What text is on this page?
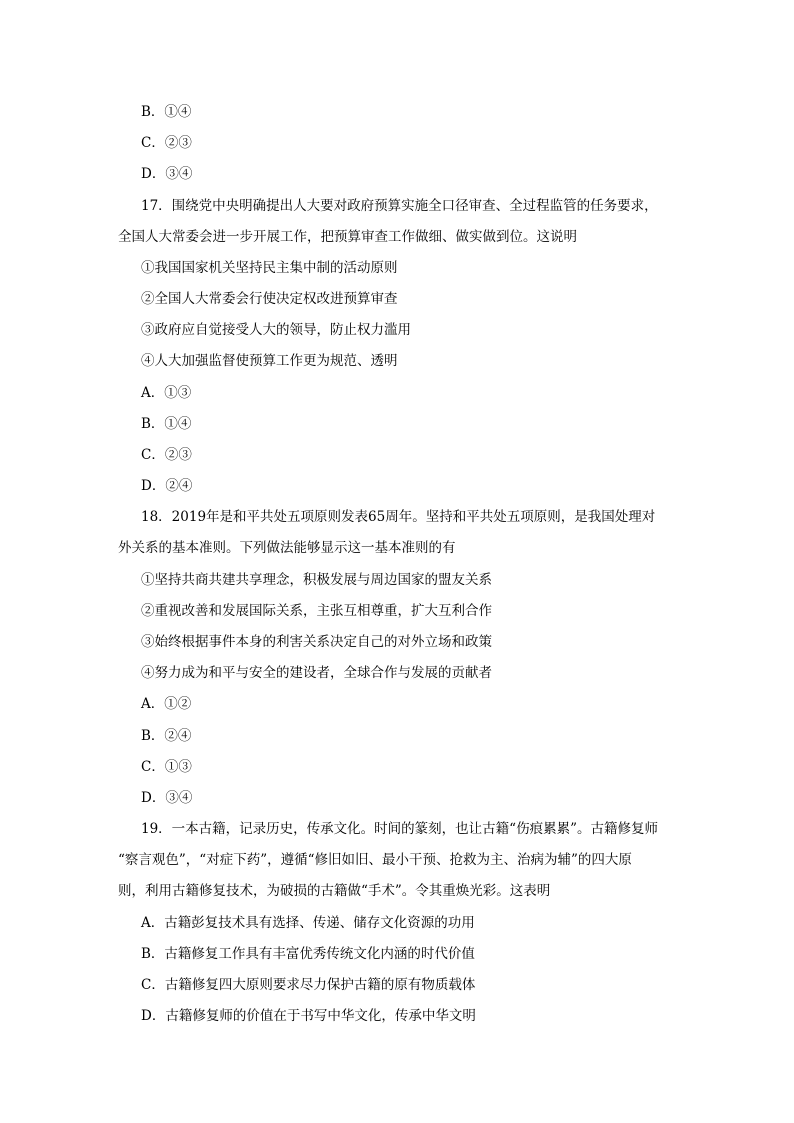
B．①④
C．②③
D．③④
17．围绕党中央明确提出人大要对政府预算实施全口径审查、全过程监管的任务要求，
全国人大常委会进一步开展工作，把预算审查工作做细、做实做到位。这说明
①我国国家机关坚持民主集中制的活动原则
②全国人大常委会行使决定权改进预算审查
③政府应自觉接受人大的领导，防止权力滥用
④人大加强监督使预算工作更为规范、透明
A．①③
B．①④
C．②③
D．②④
18．2019年是和平共处五项原则发表65周年。坚持和平共处五项原则，是我国处理对
外关系的基本准则。下列做法能够显示这一基本准则的有
①坚持共商共建共享理念，积极发展与周边国家的盟友关系
②重视改善和发展国际关系，主张互相尊重，扩大互利合作
③始终根据事件本身的利害关系决定自己的对外立场和政策
④努力成为和平与安全的建设者，全球合作与发展的贡献者
A．①②
B．②④
C．①③
D．③④
19．一本古籍，记录历史，传承文化。时间的篆刻，也让古籍“伤痕累累”。古籍修复师
“察言观色”，“对症下药”，遵循“修旧如旧、最小干预、抢救为主、治病为辅”的四大原
则，利用古籍修复技术，为破损的古籍做“手术”。令其重焕光彩。这表明
A．古籍彭复技术具有选择、传递、储存文化资源的功用
B．古籍修复工作具有丰富优秀传统文化内涵的时代价值
C．古籍修复四大原则要求尽力保护古籍的原有物质载体
D．古籍修复师的价值在于书写中华文化，传承中华文明
